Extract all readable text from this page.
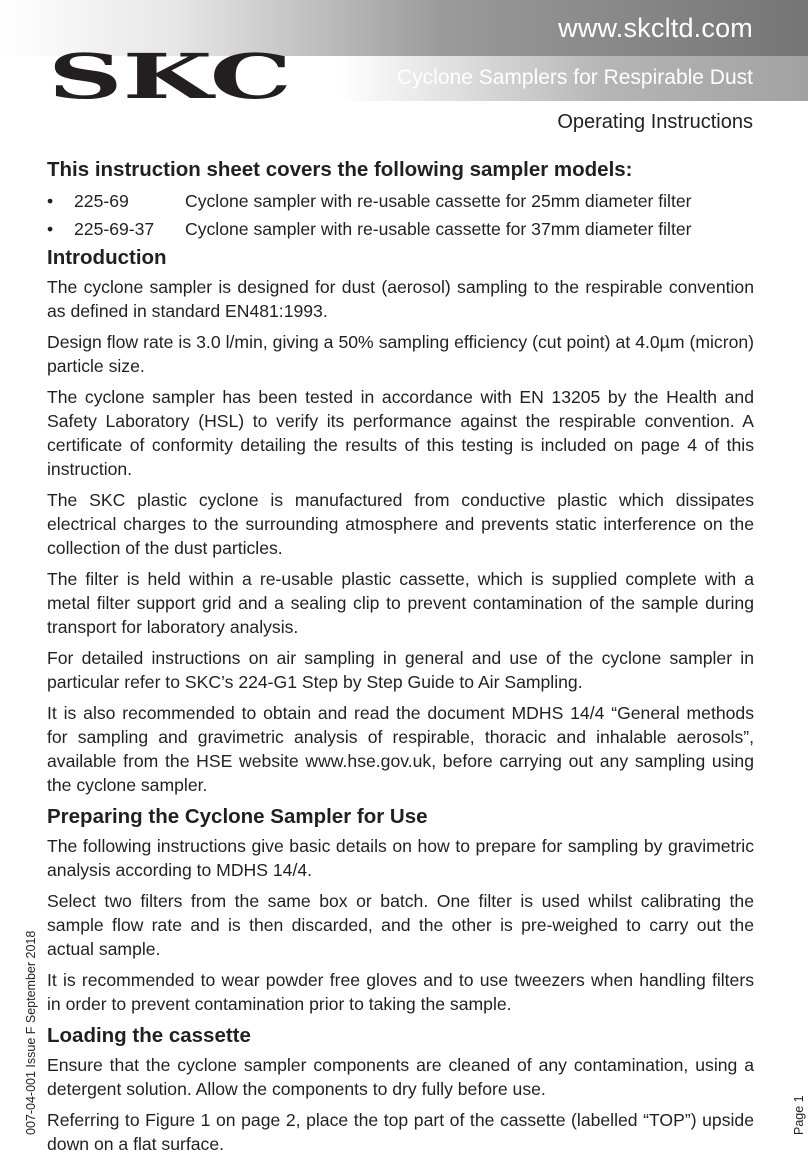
www.skcltd.com
SKC	Cyclone Samplers for Respirable Dust
Operating Instructions
This instruction sheet covers the following sampler models:
•	225-69	Cyclone sampler with re-usable cassette for 25mm diameter filter
•	225-69-37	Cyclone sampler with re-usable cassette for 37mm diameter filter
Introduction

The cyclone sampler is designed for dust (aerosol) sampling to the respirable convention as defined in standard EN481:1993.

Design flow rate is 3.0 l/min, giving a 50% sampling efficiency (cut point) at 4.0µm (micron) particle size.

The cyclone sampler has been tested in accordance with EN 13205 by the Health and Safety Laboratory (HSL) to verify its performance against the respirable convention. A certificate of conformity detailing the results of this testing is included on page 4 of this instruction.

The SKC plastic cyclone is manufactured from conductive plastic which dissipates electrical charges to the surrounding atmosphere and prevents static interference on the collection of the dust particles.

The filter is held within a re-usable plastic cassette, which is supplied complete with a metal filter support grid and a sealing clip to prevent contamination of the sample during transport for laboratory analysis.

For detailed instructions on air sampling in general and use of the cyclone sampler in particular refer to SKC’s 224-G1 Step by Step Guide to Air Sampling.

It is also recommended to obtain and read the document MDHS 14/4 “General methods for sampling and gravimetric analysis of respirable, thoracic and inhalable aerosols”, available from the HSE website www.hse.gov.uk, before carrying out any sampling using the cyclone sampler.

Preparing the Cyclone Sampler for Use

The following instructions give basic details on how to prepare for sampling by gravimetric analysis according to MDHS 14/4.

Select two filters from the same box or batch. One filter is used whilst calibrating the sample flow rate and is then discarded, and the other is pre-weighed to carry out the actual sample.

It is recommended to wear powder free gloves and to use tweezers when handling filters in order to prevent contamination prior to taking the sample.

Loading the cassette

Ensure that the cyclone sampler components are cleaned of any contamination, using a detergent solution. Allow the components to dry fully before use.

Referring to Figure 1 on page 2, place the top part of the cassette (labelled “TOP”) upside down on a flat surface.

007-04-001 Issue F September 2018	Page 1
